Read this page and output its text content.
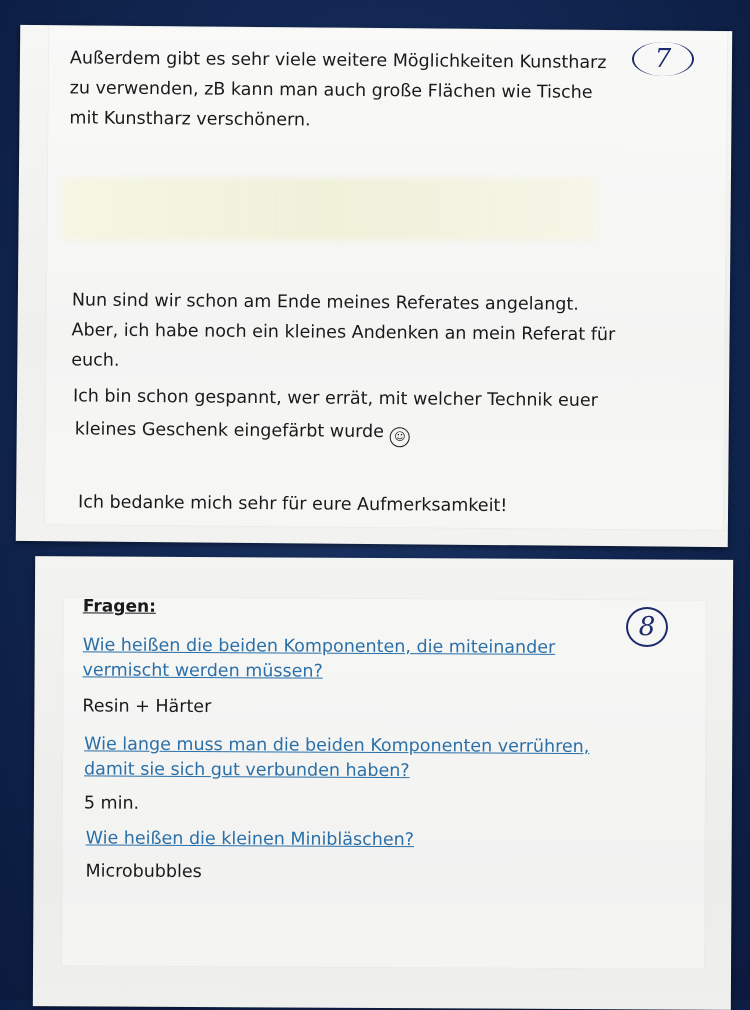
Außerdem gibt es sehr viele weitere Möglichkeiten Kunstharz
zu verwenden, zB kann man auch große Flächen wie Tische
mit Kunstharz verschönern.
Nun sind wir schon am Ende meines Referates angelangt.
Aber, ich habe noch ein kleines Andenken an mein Referat für
euch.
Ich bin schon gespannt, wer errät, mit welcher Technik euer
kleines Geschenk eingefärbt wurde ☺
Ich bedanke mich sehr für eure Aufmerksamkeit!
7
Fragen:
Wie heißen die beiden Komponenten, die miteinander
vermischt werden müssen?
Resin + Härter
Wie lange muss man die beiden Komponenten verrühren,
damit sie sich gut verbunden haben?
5 min.
Wie heißen die kleinen Minibläschen?
Microbubbles
8
